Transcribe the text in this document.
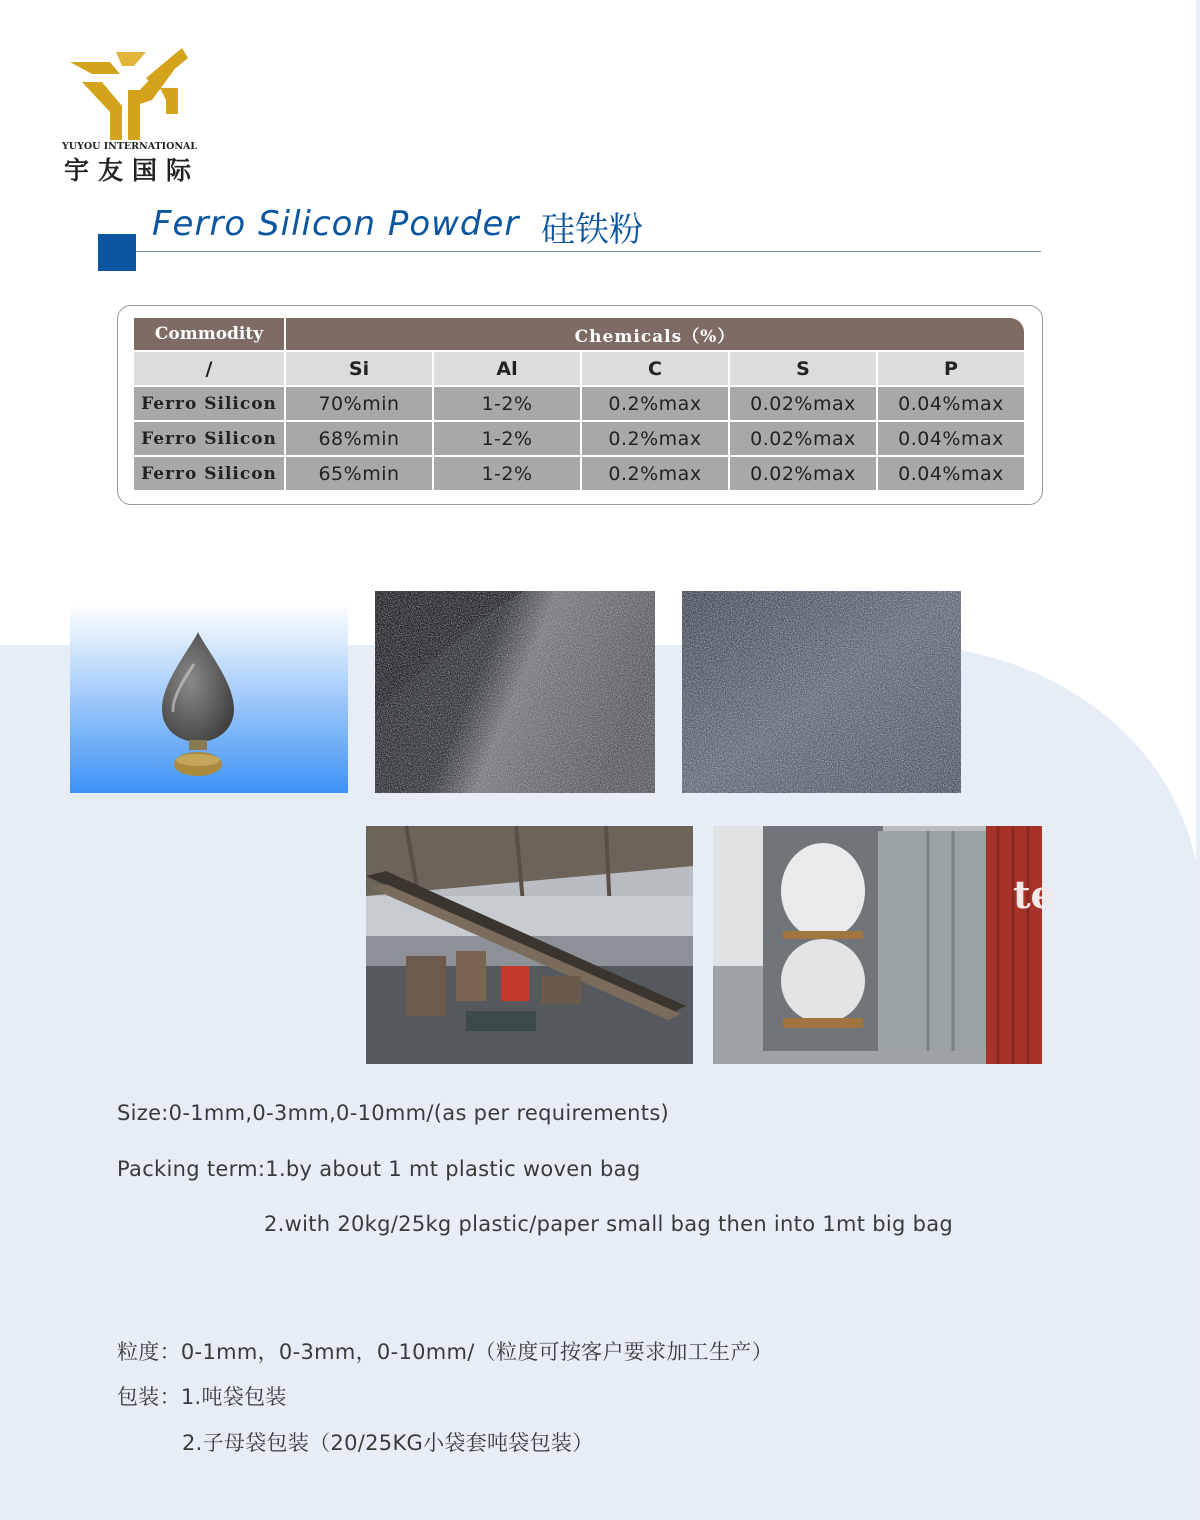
YUYOU INTERNATIONAL
宇友国际
Ferro Silicon Powder 硅铁粉
Commodity	Chemicals（%）				
/	Si	Al	C	S	P
Ferro Silicon	70%min	1-2%	0.2%max	0.02%max	0.04%max
Ferro Silicon	68%min	1-2%	0.2%max	0.02%max	0.04%max
Ferro Silicon	65%min	1-2%	0.2%max	0.02%max	0.04%max
te
Size:0-1mm,0-3mm,0-10mm/(as per requirements)
Packing term:1.by about 1 mt plastic woven bag
2.with 20kg/25kg plastic/paper small bag then into 1mt big bag
粒度：0-1mm，0-3mm，0-10mm/（粒度可按客户要求加工生产）
包装：1.吨袋包装
2.子母袋包装（20/25KG小袋套吨袋包装）
